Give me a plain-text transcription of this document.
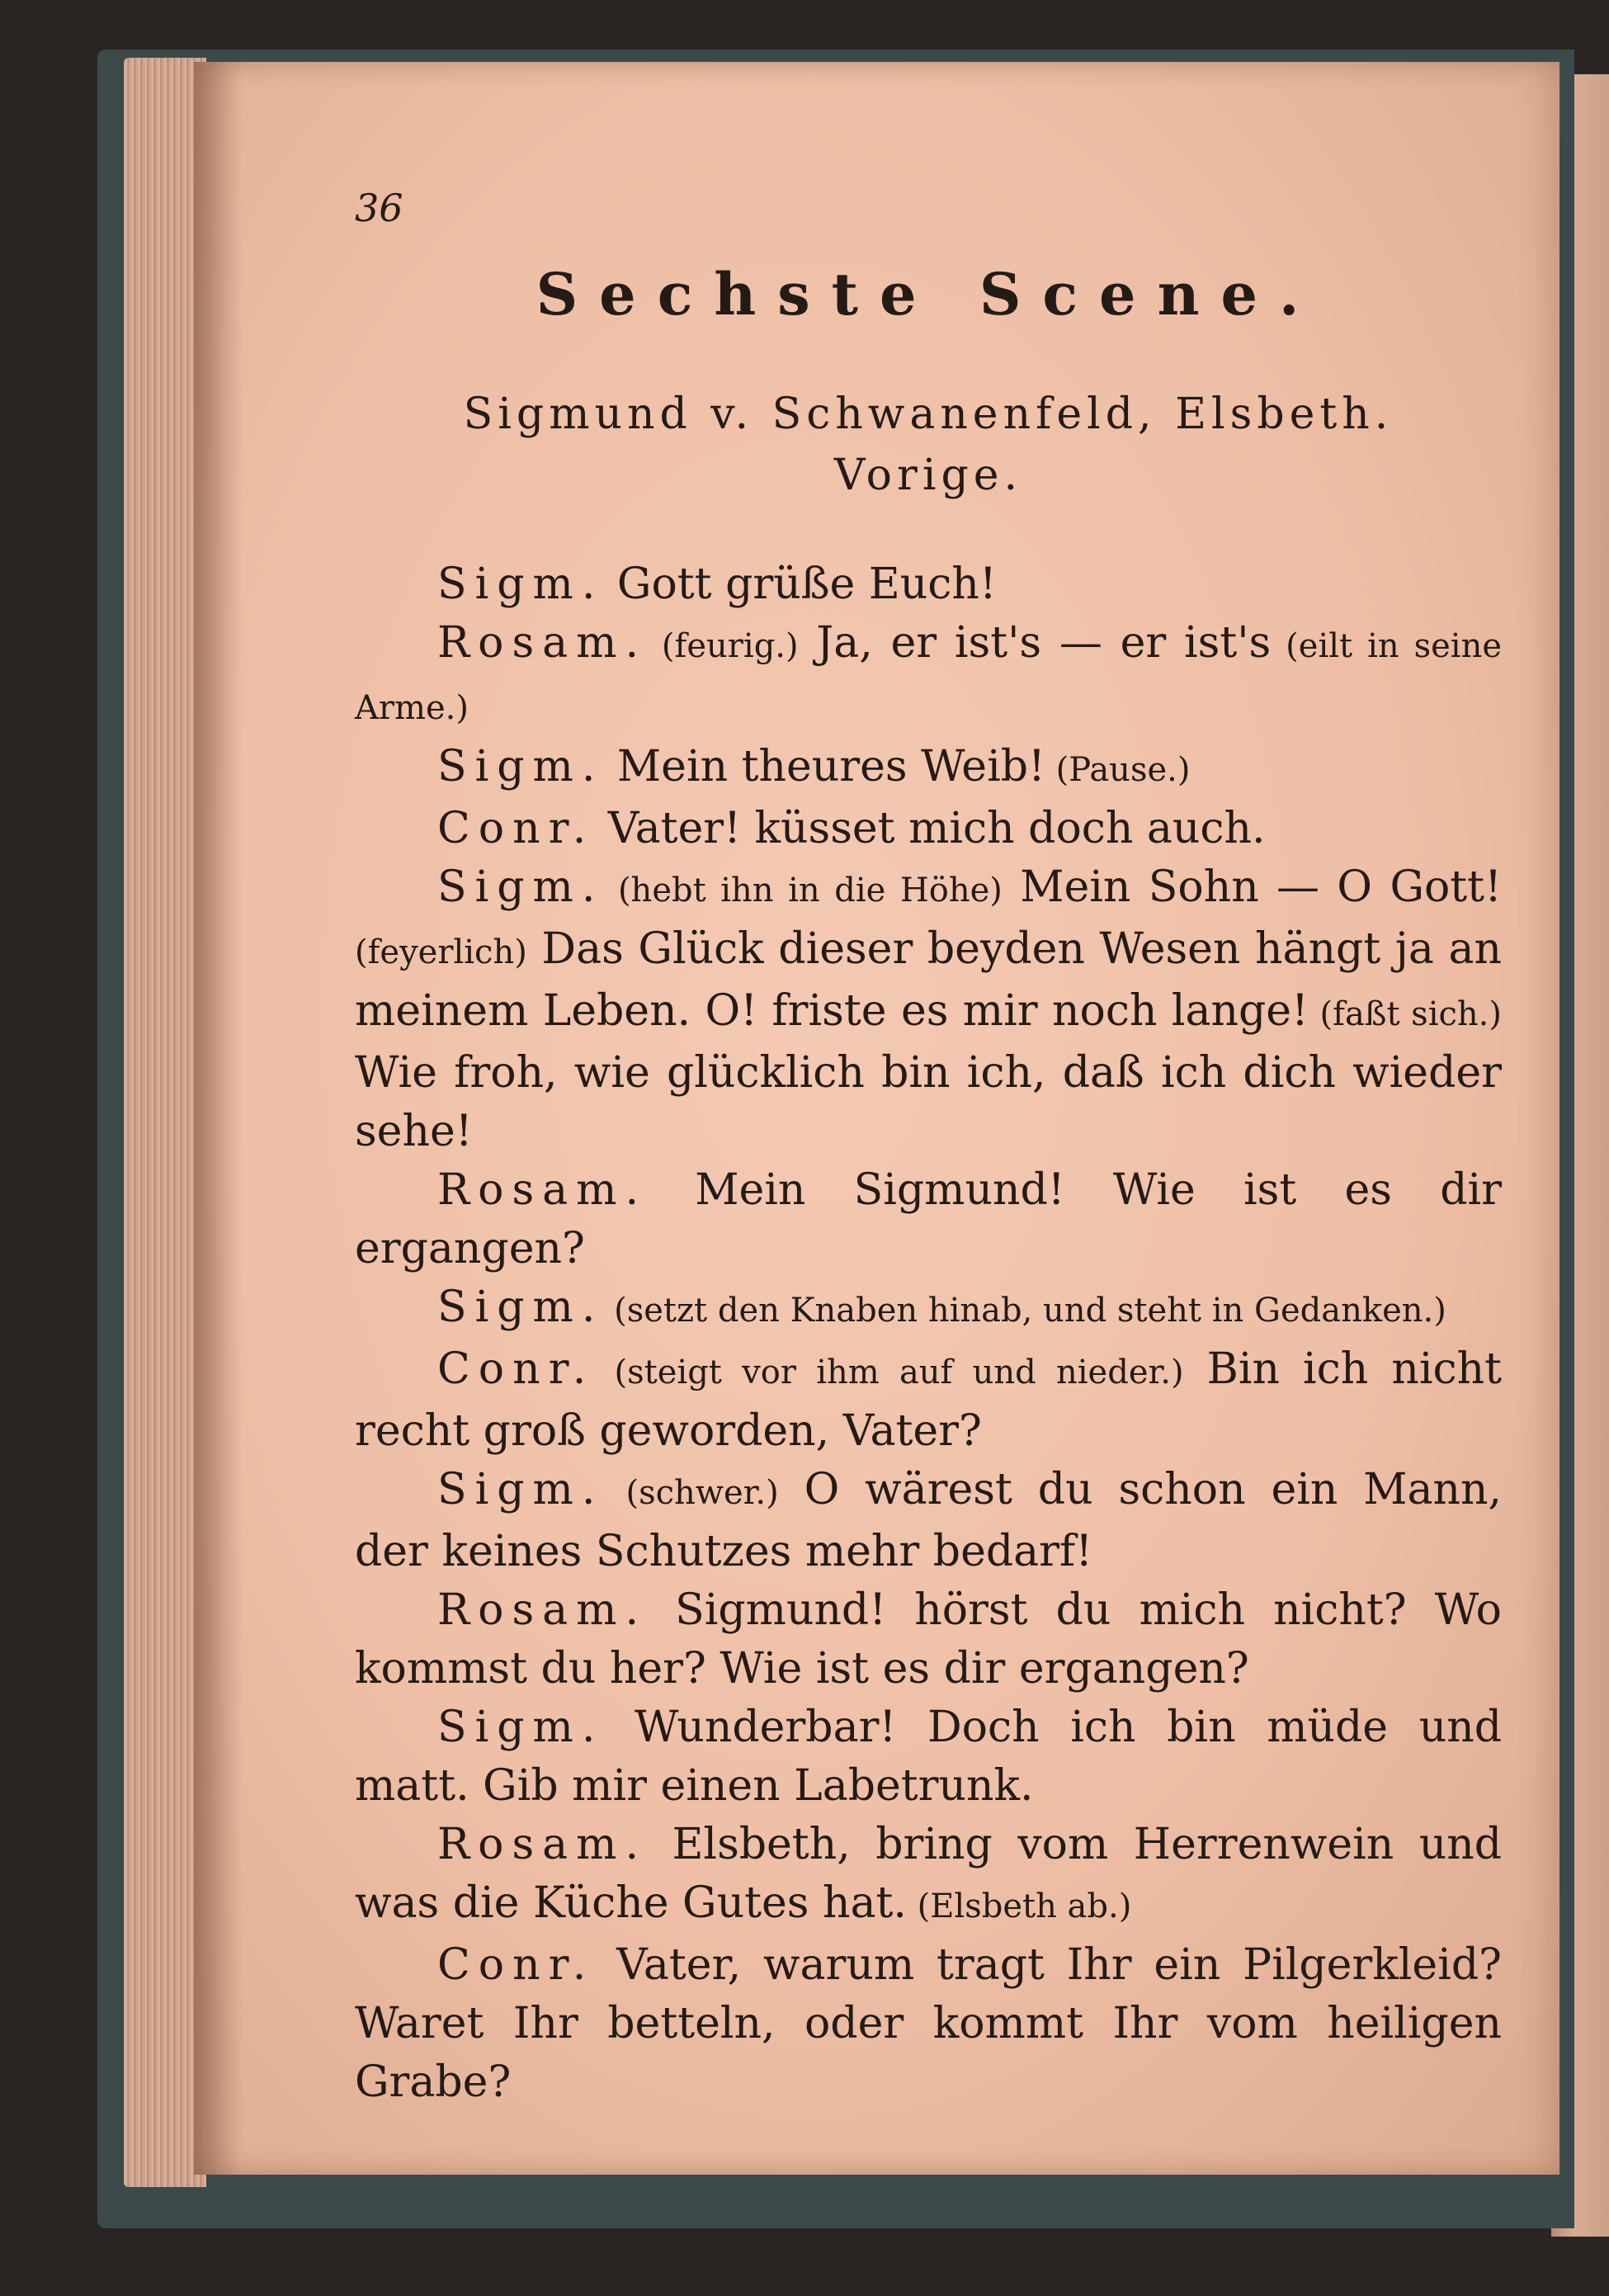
36
Sechste Scene.
Sigmund v. Schwanenfeld, Elsbeth.
Vorige.

Sigm. Gott grüße Euch!

Rosam. (feurig.) Ja, er ist's — er ist's (eilt in seine Arme.)

Sigm. Mein theures Weib! (Pause.)

Conr. Vater! küsset mich doch auch.

Sigm. (hebt ihn in die Höhe) Mein Sohn — O Gott! (feyerlich) Das Glück dieser beyden Wesen hängt ja an meinem Leben. O! friste es mir noch lange! (faßt sich.) Wie froh, wie glücklich bin ich, daß ich dich wieder sehe!

Rosam. Mein Sigmund! Wie ist es dir ergangen?

Sigm. (setzt den Knaben hinab, und steht in Gedanken.)

Conr. (steigt vor ihm auf und nieder.) Bin ich nicht recht groß geworden, Vater?

Sigm. (schwer.) O wärest du schon ein Mann, der keines Schutzes mehr bedarf!

Rosam. Sigmund! hörst du mich nicht? Wo kommst du her? Wie ist es dir ergangen?

Sigm. Wunderbar! Doch ich bin müde und matt. Gib mir einen Labetrunk.

Rosam. Elsbeth, bring vom Herrenwein und was die Küche Gutes hat. (Elsbeth ab.)

Conr. Vater, warum tragt Ihr ein Pilgerkleid? Waret Ihr betteln, oder kommt Ihr vom heiligen Grabe?
